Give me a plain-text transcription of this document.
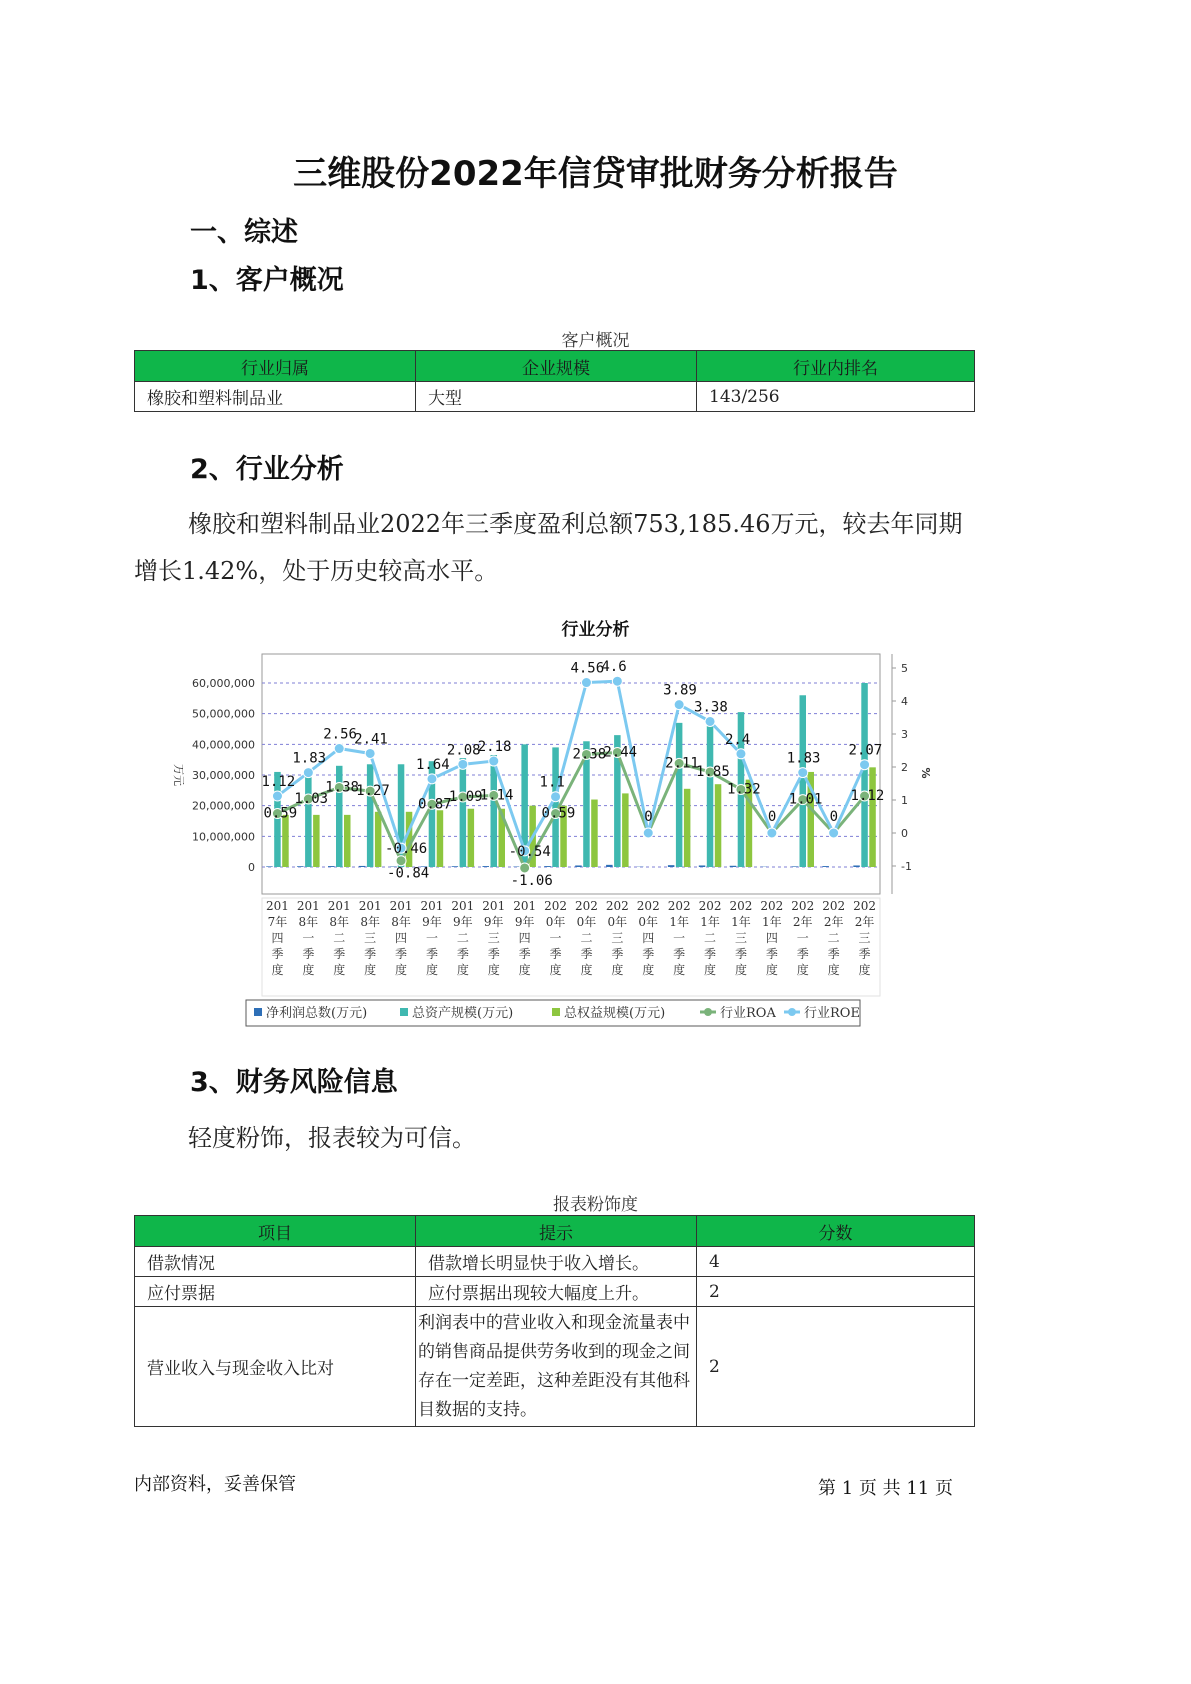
三维股份2022年信贷审批财务分析报告
一、综述
1、客户概况
客户概况
行业归属	企业规模	行业内排名
橡胶和塑料制品业	大型	143/256
2、行业分析
橡胶和塑料制品业2022年三季度盈利总额753,185.46万元，较去年同期增长1.42%，处于历史较高水平。
行业分析
60,000,000
50,000,000
40,000,000
30,000,000
20,000,000
10,000,000
0
5
4
3
2
1
0
-1
万元	%
1.12
1.83
2.56
2.41
-0.46
1.64
2.08
2.18
-0.54
1.1
4.56
4.6
0
3.89
3.38
2.4
0
1.83
0
2.07
0.59
1.03
1.38
1.27
-0.84
0.87
1.09
1.14
-1.06
0.59
2.38
2.44
2.11
1.85
1.32
1.01 1.12
201
7年
四
季
度
201
8年
一
季
度
201
8年
二
季
度
201
8年
三
季
度
201
8年
四
季
度
201
9年
一
季
度
201
9年
二
季
度
201
9年
三
季
度
201
9年
四
季
度
202
0年
一
季
度
202
0年
二
季
度
202
0年
三
季
度
202
0年
四
季
度
202
1年
一
季
度
202
1年
二
季
度
202
1年
三
季
度
202
1年
四
季
度
202
2年
一
季
度
202
2年
二
季
度
202
2年
三
季
度
净利润总数(万元)	总资产规模(万元)	总权益规模(万元)	行业ROA 行业ROE
3、财务风险信息
轻度粉饰，报表较为可信。
报表粉饰度
项目	提示	分数
借款情况	借款增长明显快于收入增长。	4
应付票据	应付票据出现较大幅度上升。	2
营业收入与现金收入比对	利润表中的营业收入和现金流量表中的销售商品提供劳务收到的现金之间存在一定差距，这种差距没有其他科目数据的支持。	2
内部资料，妥善保管	第 1 页 共 11 页
